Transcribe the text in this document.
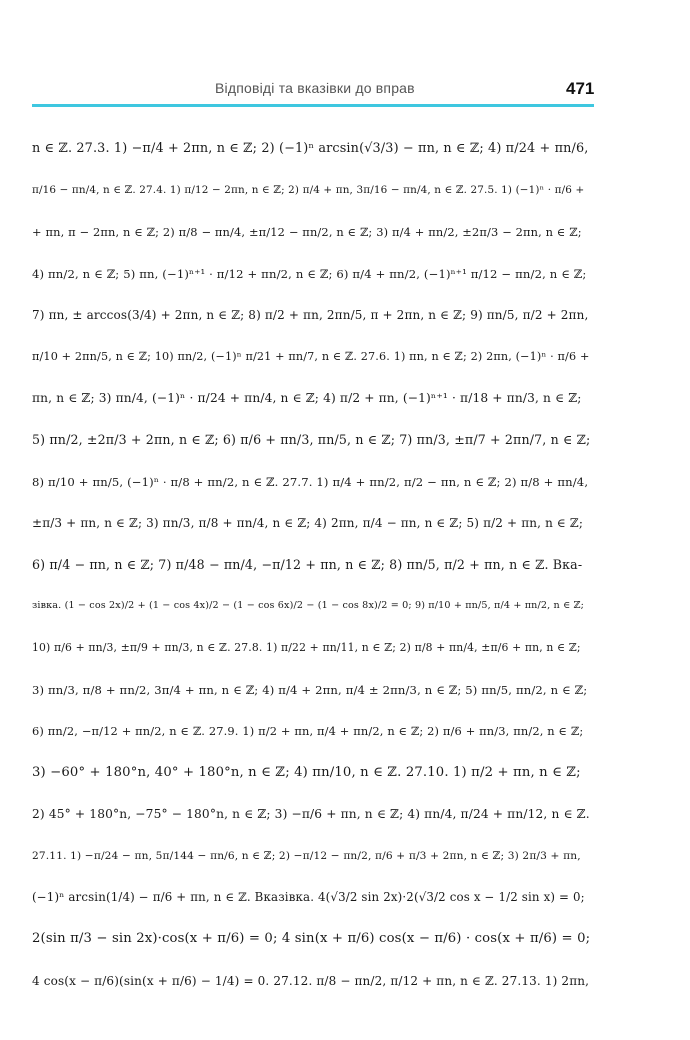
Відповіді та вказівки до вправ	471
n ∈ ℤ. 27.3. 1) −π/4 + 2πn, n ∈ ℤ; 2) (−1)ⁿ arcsin(√3/3) − πn, n ∈ ℤ; 4) π/24 + πn/6,
π/16 − πn/4, n ∈ ℤ. 27.4. 1) π/12 − 2πn, n ∈ ℤ; 2) π/4 + πn, 3π/16 − πn/4, n ∈ ℤ. 27.5. 1) (−1)ⁿ · π/6 +
+ πn, π − 2πn, n ∈ ℤ; 2) π/8 − πn/4, ±π/12 − πn/2, n ∈ ℤ; 3) π/4 + πn/2, ±2π/3 − 2πn, n ∈ ℤ;
4) πn/2, n ∈ ℤ; 5) πn, (−1)ⁿ⁺¹ · π/12 + πn/2, n ∈ ℤ; 6) π/4 + πn/2, (−1)ⁿ⁺¹ π/12 − πn/2, n ∈ ℤ;
7) πn, ± arccos(3/4) + 2πn, n ∈ ℤ; 8) π/2 + πn, 2πn/5, π + 2πn, n ∈ ℤ; 9) πn/5, π/2 + 2πn,
π/10 + 2πn/5, n ∈ ℤ; 10) πn/2, (−1)ⁿ π/21 + πn/7, n ∈ ℤ. 27.6. 1) πn, n ∈ ℤ; 2) 2πn, (−1)ⁿ · π/6 +
πn, n ∈ ℤ; 3) πn/4, (−1)ⁿ · π/24 + πn/4, n ∈ ℤ; 4) π/2 + πn, (−1)ⁿ⁺¹ · π/18 + πn/3, n ∈ ℤ;
5) πn/2, ±2π/3 + 2πn, n ∈ ℤ; 6) π/6 + πn/3, πn/5, n ∈ ℤ; 7) πn/3, ±π/7 + 2πn/7, n ∈ ℤ;
8) π/10 + πn/5, (−1)ⁿ · π/8 + πn/2, n ∈ ℤ. 27.7. 1) π/4 + πn/2, π/2 − πn, n ∈ ℤ; 2) π/8 + πn/4,
±π/3 + πn, n ∈ ℤ; 3) πn/3, π/8 + πn/4, n ∈ ℤ; 4) 2πn, π/4 − πn, n ∈ ℤ; 5) π/2 + πn, n ∈ ℤ;
6) π/4 − πn, n ∈ ℤ; 7) π/48 − πn/4, −π/12 + πn, n ∈ ℤ; 8) πn/5, π/2 + πn, n ∈ ℤ. Вка-
зівка. (1 − cos 2x)/2 + (1 − cos 4x)/2 − (1 − cos 6x)/2 − (1 − cos 8x)/2 = 0; 9) π/10 + πn/5, π/4 + πn/2, n ∈ ℤ;
10) π/6 + πn/3, ±π/9 + πn/3, n ∈ ℤ. 27.8. 1) π/22 + πn/11, n ∈ ℤ; 2) π/8 + πn/4, ±π/6 + πn, n ∈ ℤ;
3) πn/3, π/8 + πn/2, 3π/4 + πn, n ∈ ℤ; 4) π/4 + 2πn, π/4 ± 2πn/3, n ∈ ℤ; 5) πn/5, πn/2, n ∈ ℤ;
6) πn/2, −π/12 + πn/2, n ∈ ℤ. 27.9. 1) π/2 + πn, π/4 + πn/2, n ∈ ℤ; 2) π/6 + πn/3, πn/2, n ∈ ℤ;
3) −60° + 180°n, 40° + 180°n, n ∈ ℤ; 4) πn/10, n ∈ ℤ. 27.10. 1) π/2 + πn, n ∈ ℤ;
2) 45° + 180°n, −75° − 180°n, n ∈ ℤ; 3) −π/6 + πn, n ∈ ℤ; 4) πn/4, π/24 + πn/12, n ∈ ℤ.
27.11. 1) −π/24 − πn, 5π/144 − πn/6, n ∈ ℤ; 2) −π/12 − πn/2, π/6 + π/3 + 2πn, n ∈ ℤ; 3) 2π/3 + πn,
(−1)ⁿ arcsin(1/4) − π/6 + πn, n ∈ ℤ. Вказівка. 4(√3/2 sin 2x)·2(√3/2 cos x − 1/2 sin x) = 0;
2(sin π/3 − sin 2x)·cos(x + π/6) = 0; 4 sin(x + π/6) cos(x − π/6) · cos(x + π/6) = 0;
4 cos(x − π/6)(sin(x + π/6) − 1/4) = 0. 27.12. π/8 − πn/2, π/12 + πn, n ∈ ℤ. 27.13. 1) 2πn,
